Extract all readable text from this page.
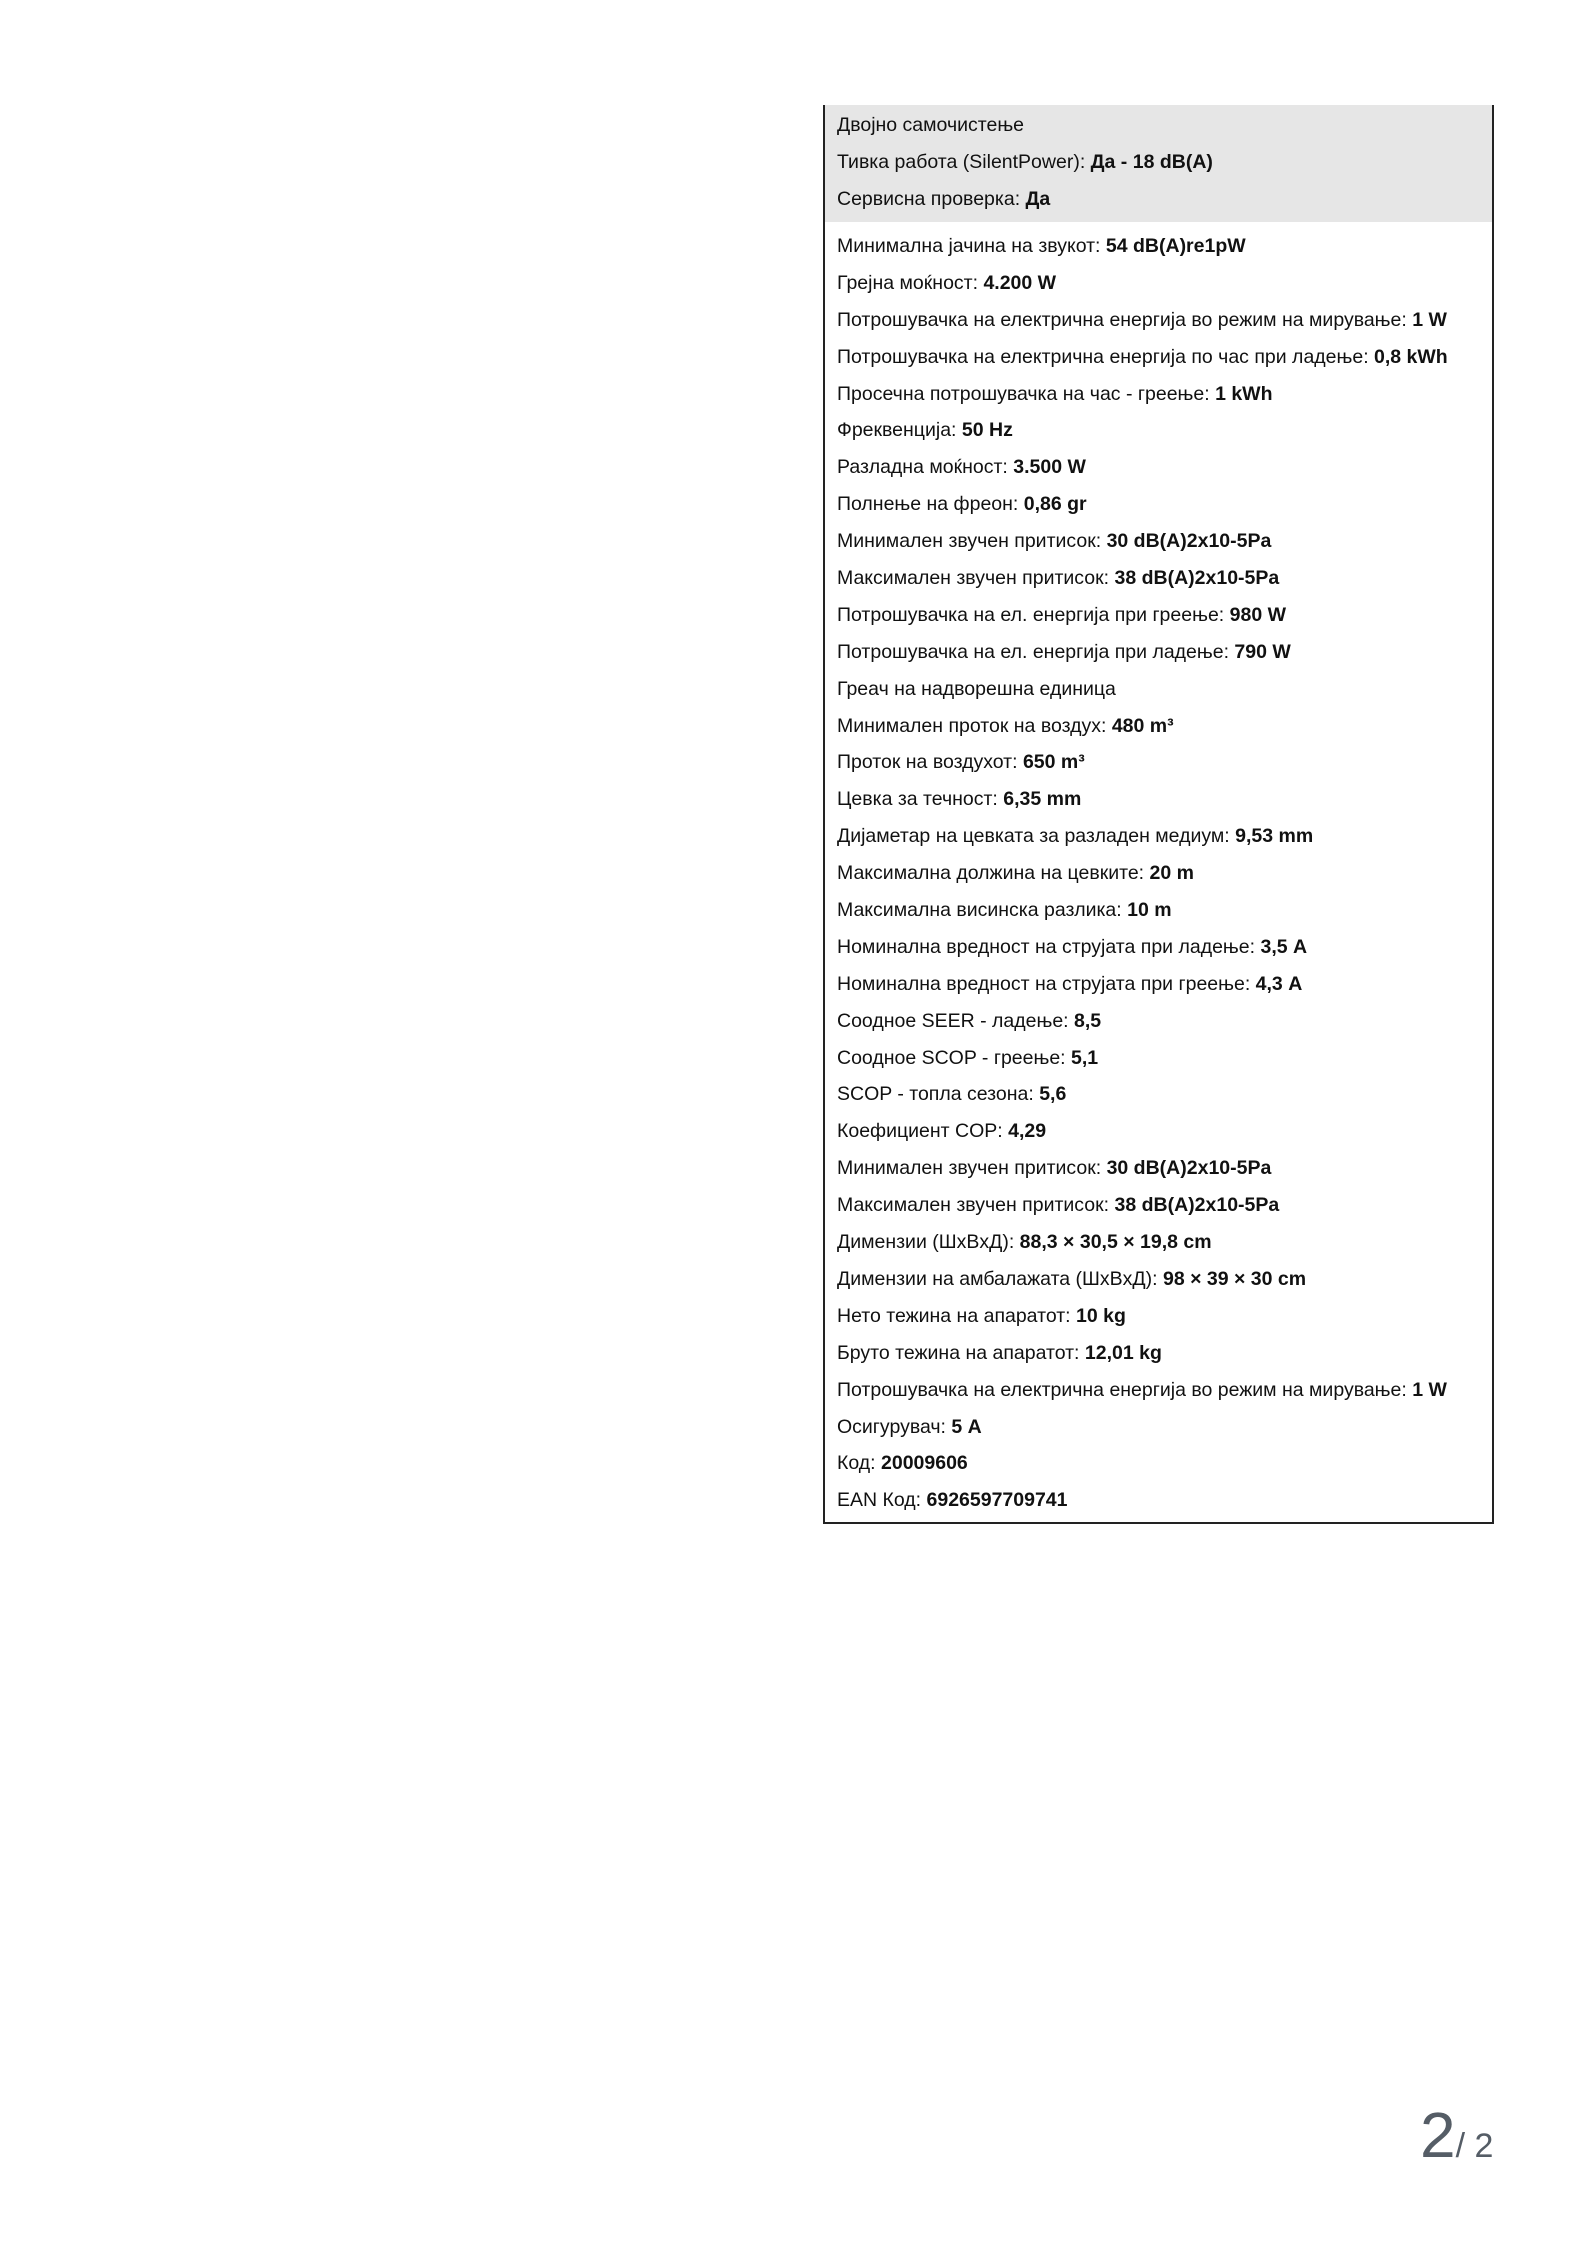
Двојно самочистење
Тивка работа (SilentPower): Да - 18 dB(A)
Сервисна проверка: Да
Минимална јачина на звукот: 54 dB(A)re1pW
Грејна моќност: 4.200 W
Потрошувачка на електрична енергија во режим на мирување: 1 W
Потрошувачка на електрична енергија по час при ладење: 0,8 kWh
Просечна потрошувачка на час - греење: 1 kWh
Фреквенција: 50 Hz
Разладна моќност: 3.500 W
Полнење на фреон: 0,86 gr
Минимален звучен притисок: 30 dB(A)2x10-5Pa
Максимален звучен притисок: 38 dB(A)2x10-5Pa
Потрошувачка на ел. енергија при греење: 980 W
Потрошувачка на ел. енергија при ладење: 790 W
Греач на надворешна единица
Минимален проток на воздух: 480 m³
Проток на воздухот: 650 m³
Цевка за течност: 6,35 mm
Дијаметар на цевката за разладен медиум: 9,53 mm
Максимална должина на цевките: 20 m
Максимална висинска разлика: 10 m
Номинална вредност на струјата при ладење: 3,5 A
Номинална вредност на струјата при греење: 4,3 A
Соодное SEER - ладење: 8,5
Соодное SCOP - греење: 5,1
SCOP - топла сезона: 5,6
Коефициент COP: 4,29
Минимален звучен притисок: 30 dB(A)2x10-5Pa
Максимален звучен притисок: 38 dB(A)2x10-5Pa
Димензии (ШxВxД): 88,3 × 30,5 × 19,8 cm
Димензии на амбалажата (ШxВxД): 98 × 39 × 30 cm
Нето тежина на апаратот: 10 kg
Бруто тежина на апаратот: 12,01 kg
Потрошувачка на електрична енергија во режим на мирување: 1 W
Осигурувач: 5 A
Код: 20009606
EAN Код: 6926597709741
2/ 2
